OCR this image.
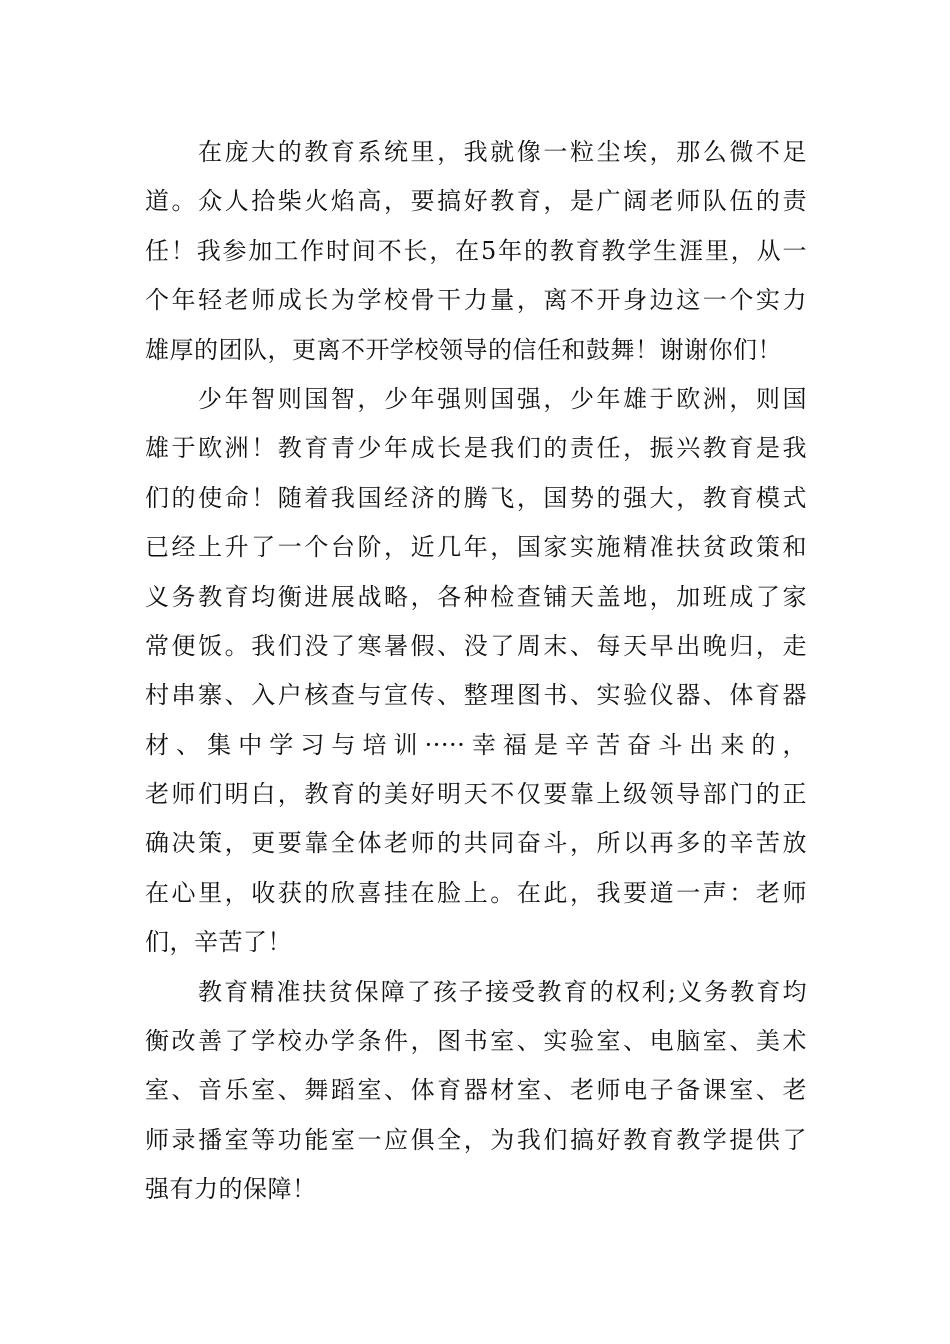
在庞大的教育系统里，我就像一粒尘埃，那么微不足
道。众人拾柴火焰高，要搞好教育，是广阔老师队伍的责
任！我参加工作时间不长，在5年的教育教学生涯里，从一
个年轻老师成长为学校骨干力量，离不开身边这一个实力
雄厚的团队，更离不开学校领导的信任和鼓舞！谢谢你们！
少年智则国智，少年强则国强，少年雄于欧洲，则国
雄于欧洲！教育青少年成长是我们的责任，振兴教育是我
们的使命！随着我国经济的腾飞，国势的强大，教育模式
已经上升了一个台阶，近几年，国家实施精准扶贫政策和
义务教育均衡进展战略，各种检查铺天盖地，加班成了家
常便饭。我们没了寒暑假、没了周末、每天早出晚归，走
村串寨、入户核查与宣传、整理图书、实验仪器、体育器
材、集中学习与培训·····幸福是辛苦奋斗出来的，
老师们明白，教育的美好明天不仅要靠上级领导部门的正
确决策，更要靠全体老师的共同奋斗，所以再多的辛苦放
在心里，收获的欣喜挂在脸上。在此，我要道一声：老师
们，辛苦了！
教育精准扶贫保障了孩子接受教育的权利;义务教育均
衡改善了学校办学条件，图书室、实验室、电脑室、美术
室、音乐室、舞蹈室、体育器材室、老师电子备课室、老
师录播室等功能室一应俱全，为我们搞好教育教学提供了
强有力的保障！
